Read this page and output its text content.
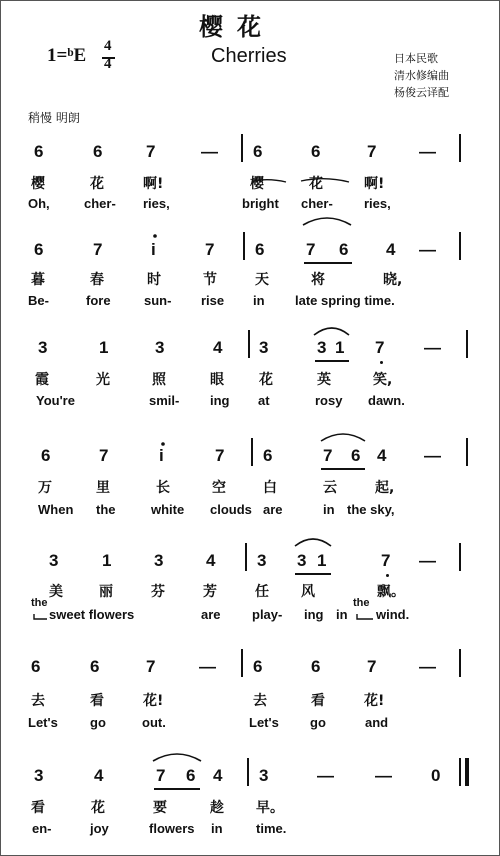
樱花
Cherries
1=ᵇE 4
4	日本民歌
清水修编曲
杨俊云译配
稍慢 明朗
6	6	7	— 6	6	7	—
樱	花	啊!	樱	花	啊!
Oh,	cher- ries,	bright cher- ries,
6	7	i	7 6 7 6 4 —
暮	春	时	节	天	将	晓,
Be-	fore	sun- rise in late spring time.
3	1	3	4 3	3 1 7 —
霞	光	照	眼	花	英	笑,
You're	smil- ing at	rosy dawn.
6	7	i	7 6	7 6 4 —
万	里	长	空	白	云	起,
When the	white clouds are	in the sky,
3	1	3	4 3 3 1	7 —
美	丽	芬	芳	任 风	飘。
the
sweet flowers	are play- ing in
the
wind.
6	6	7	— 6	6	7	—
去	看	花!	去	看	花!
Let's go	out.	Let's go	and
3	4	7 6 4 3	— — 0
看	花	要	趁 早。
en-	joy	flowers in	time.
